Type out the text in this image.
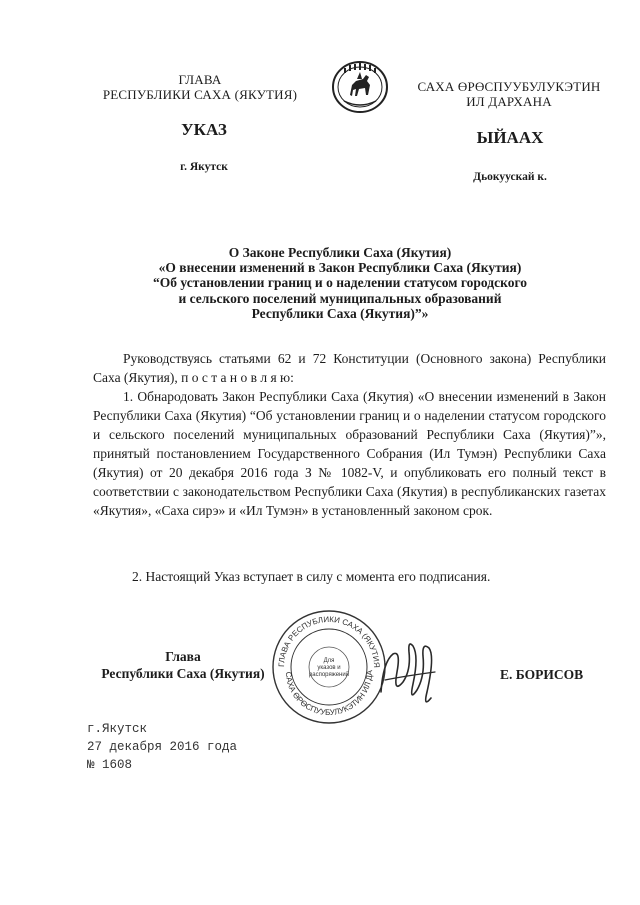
ГЛАВА
РЕСПУБЛИКИ САХА (ЯКУТИЯ)
САХА ӨРӨСПУУБУЛУКЭТИН
ИЛ ДАРХАНА
УКАЗ	ЫЙААХ
г. Якутск
Дьокуускай к.
О Законе Республики Саха (Якутия)
«О внесении изменений в Закон Республики Саха (Якутия)
“Об установлении границ и о наделении статусом городского
и сельского поселений муниципальных образований
Республики Саха (Якутия)”»

Руководствуясь статьями 62 и 72 Конституции (Основного закона) Республики Саха (Якутия), п о с т а н о в л я ю:

1. Обнародовать Закон Республики Саха (Якутия) «О внесении изменений в Закон Республики Саха (Якутия) “Об установлении границ и о наделении статусом городского и сельского поселений муниципальных образований Республики Саха (Якутия)”», принятый постановлением Государственного Собрания (Ил Тумэн) Республики Саха (Якутия) от 20 декабря 2016 года З № 1082-V, и опубликовать его полный текст в соответствии с законодательством Республики Саха (Якутия) в республиканских газетах «Якутия», «Саха сирэ» и «Ил Тумэн» в установленный законом срок.

2. Настоящий Указ вступает в силу с момента его подписания.
Глава
Республики Саха (Якутия)
ГЛАВА РЕСПУБЛИКИ САХА (ЯКУТИЯ
САХА ӨРӨСПУУБУЛУКЭТИН ИЛ ДА
Для
указов и
распоряжений	Е. БОРИСОВ
г.Якутск
27 декабря 2016 года
№ 1608
